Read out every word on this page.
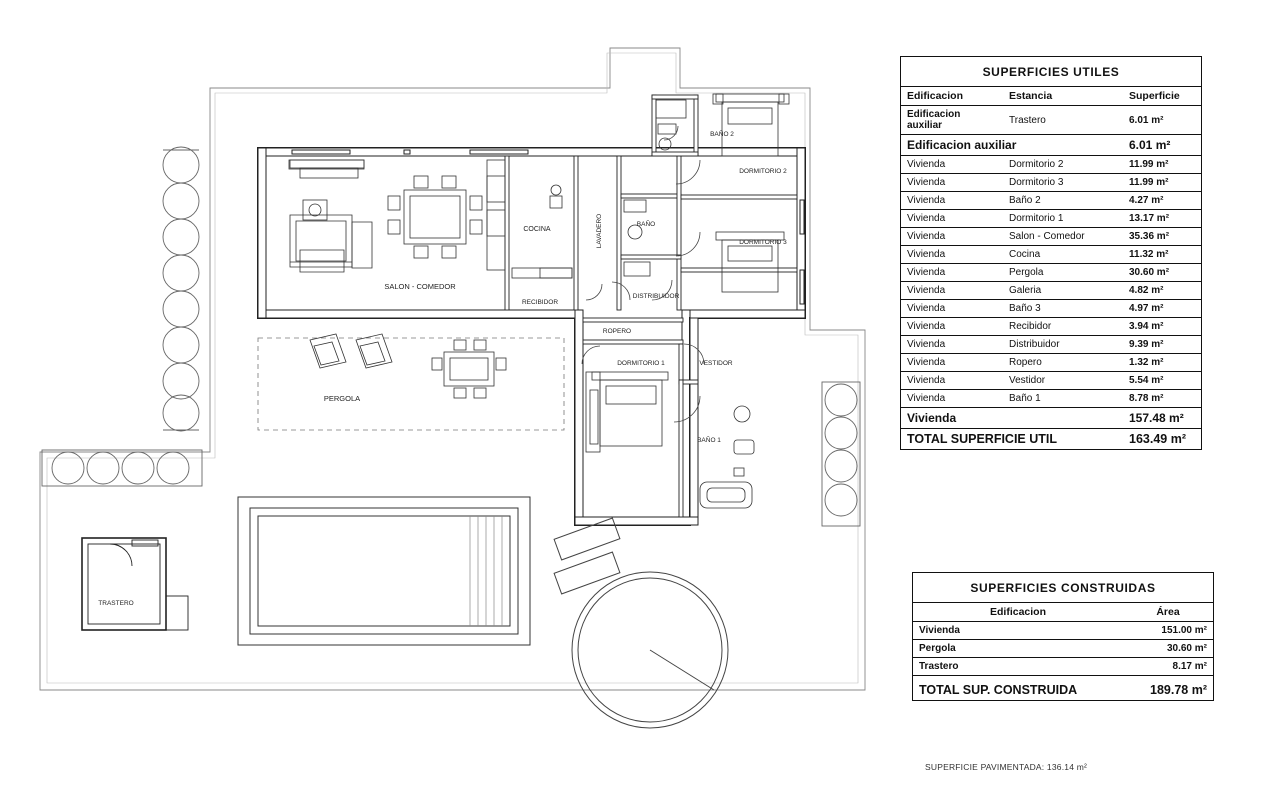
SALON - COMEDOR
COCINA	LAVADERO	BAÑO
BAÑO 2
DORMITORIO 2
DORMITORIO 3
DISTRIBUIDOR
RECIBIDOR
ROPERO
VESTIDOR
DORMITORIO 1
BAÑO 1
PERGOLA
TRASTERO
SUPERFICIES UTILES
Edificacion	Estancia	Superficie
Edificacion auxiliar	Trastero	6.01 m²
Edificacion auxiliar		6.01 m²
Vivienda	Dormitorio 2	11.99 m²
Vivienda	Dormitorio 3	11.99 m²
Vivienda	Baño 2	4.27 m²
Vivienda	Dormitorio 1	13.17 m²
Vivienda	Salon - Comedor	35.36 m²
Vivienda	Cocina	11.32 m²
Vivienda	Pergola	30.60 m²
Vivienda	Galeria	4.82 m²
Vivienda	Baño 3	4.97 m²
Vivienda	Recibidor	3.94 m²
Vivienda	Distribuidor	9.39 m²
Vivienda	Ropero	1.32 m²
Vivienda	Vestidor	5.54 m²
Vivienda	Baño 1	8.78 m²
Vivienda		157.48 m²
TOTAL SUPERFICIE UTIL		163.49 m²
SUPERFICIES CONSTRUIDAS
Edificacion	Área
Vivienda	151.00 m²
Pergola	30.60 m²
Trastero	8.17 m²
TOTAL SUP. CONSTRUIDA	189.78 m²
SUPERFICIE PAVIMENTADA: 136.14 m²
